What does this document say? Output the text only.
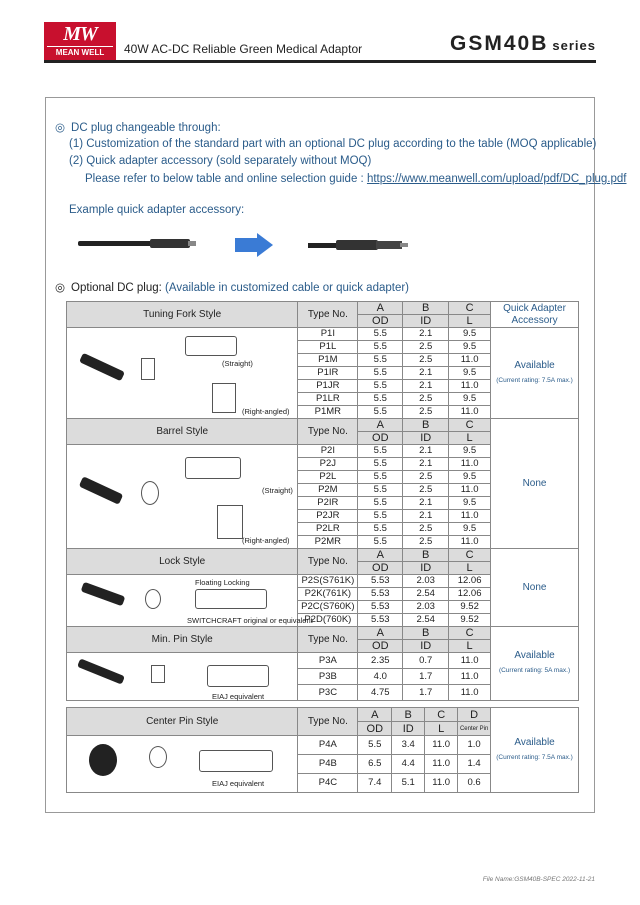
MW
MEAN WELL	40W AC-DC Reliable Green Medical Adaptor	GSM40B series
◎ DC plug changeable through:
(1) Customization of the standard part with an optional DC plug according to the table (MOQ applicable)
(2) Quick adapter accessory (sold separately without MOQ)
Please refer to below table and online selection guide : https://www.meanwell.com/upload/pdf/DC_plug.pdf
Example quick adapter accessory:
◎ Optional DC plug: (Available in customized cable or quick adapter)
Tuning Fork Style	Type No.	A	B	C	Quick Adapter Accessory
		OD	ID	L	

(Straight)
(Right-angled)	P1I	5.5	2.1	9.5	Available
(Current rating: 7.5A max.)

	P1L	5.5	2.5	9.5	
	P1M	5.5	2.5	11.0	
	P1IR	5.5	2.1	9.5	
	P1JR	5.5	2.1	11.0	
	P1LR	5.5	2.5	9.5	
	P1MR	5.5	2.5	11.0	
Barrel Style	Type No.	A	B	C	None
		OD	ID	L	

(Straight)
(Right-angled)	P2I	5.5	2.1	9.5	
	P2J	5.5	2.1	11.0	
	P2L	5.5	2.5	9.5	
	P2M	5.5	2.5	11.0	
	P2IR	5.5	2.1	9.5	
	P2JR	5.5	2.1	11.0	
	P2LR	5.5	2.5	9.5	
	P2MR	5.5	2.5	11.0	
Lock Style	Type No.	A	B	C	None
		OD	ID	L	

Floating Locking
SWITCHCRAFT original or equivalent	P2S(S761K)	5.53	2.03	12.06	
	P2K(761K)	5.53	2.54	12.06	
	P2C(S760K)	5.53	2.03	9.52	
	P2D(760K)	5.53	2.54	9.52	
Min. Pin Style	Type No.	A	B	C	Available
(Current rating: 5A max.)

		OD	ID	L	

EIAJ equivalent	P3A	2.35	0.7	11.0	
	P3B	4.0	1.7	11.0	
	P3C	4.75	1.7	11.0	
Center Pin Style	Type No.	A	B	C	D	Available
(Current rating: 7.5A max.)

		OD	ID	L	Center Pin	

EIAJ equivalent	P4A	5.5	3.4	11.0	1.0	
	P4B	6.5	4.4	11.0	1.4	
	P4C	7.4	5.1	11.0	0.6	
File Name:GSM40B-SPEC 2022-11-21
